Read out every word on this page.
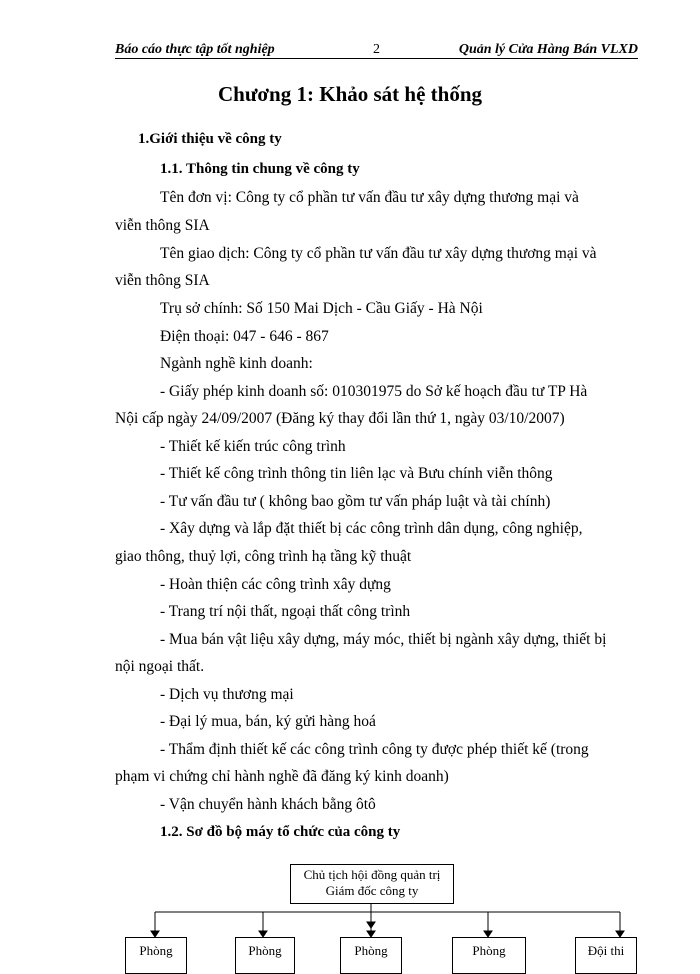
Báo cáo thực tập tốt nghiệp	2	Quản lý Cửa Hàng Bán VLXD
Chương 1: Khảo sát hệ thống
1.Giới thiệu về công ty
1.1. Thông tin chung về công ty
Tên đơn vị: Công ty cổ phần tư vấn đầu tư xây dựng thương mại và
viễn thông SIA
Tên giao dịch: Công ty cổ phần tư vấn đầu tư xây dựng thương mại và
viễn thông SIA
Trụ sở chính: Số 150 Mai Dịch - Cầu Giấy - Hà Nội
Điện thoại: 047 - 646 - 867
Ngành nghề kinh doanh:
- Giấy phép kinh doanh số: 010301975 do Sở kế hoạch đầu tư TP Hà
Nội cấp ngày 24/09/2007 (Đăng ký thay đổi lần thứ 1, ngày 03/10/2007)
- Thiết kế kiến trúc công trình
- Thiết kế công trình thông tin liên lạc và Bưu chính viễn thông
- Tư vấn đầu tư ( không bao gồm tư vấn pháp luật và tài chính)
- Xây dựng và lắp đặt thiết bị các công trình dân dụng, công nghiệp,
giao thông, thuỷ lợi, công trình hạ tầng kỹ thuật
- Hoàn thiện các công trình xây dựng
- Trang trí nội thất, ngoại thất công trình
- Mua bán vật liệu xây dựng, máy móc, thiết bị ngành xây dựng, thiết bị
nội ngoại thất.
- Dịch vụ thương mại
- Đại lý mua, bán, ký gửi hàng hoá
- Thẩm định thiết kế các công trình công ty được phép thiết kế (trong
phạm vi chứng chỉ hành nghề đã đăng ký kinh doanh)
- Vận chuyển hành khách bằng ôtô
1.2. Sơ đồ bộ máy tổ chức của công ty
Chủ tịch hội đồng quản trị
Giám đốc công ty
Phòng	Phòng	Phòng	Phòng	Đội thi
